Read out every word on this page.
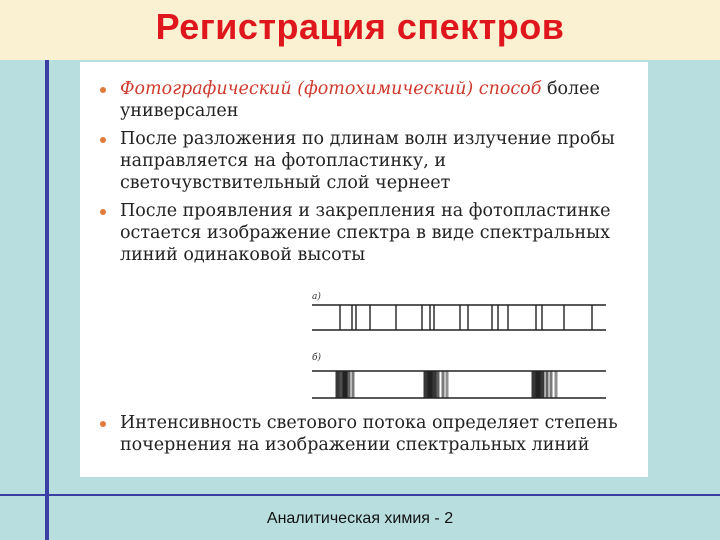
Регистрация спектров
Фотографический (фотохимический) способ более универсален
После разложения по длинам волн излучение пробы направляется на фотопластинку, и светочувствительный слой чернеет
После проявления и закрепления на фотопластинке остается изображение спектра в виде спектральных линий одинаковой высоты
а)
б)
Интенсивность светового потока определяет степень почернения на изображении спектральных линий
Аналитическая химия - 2
